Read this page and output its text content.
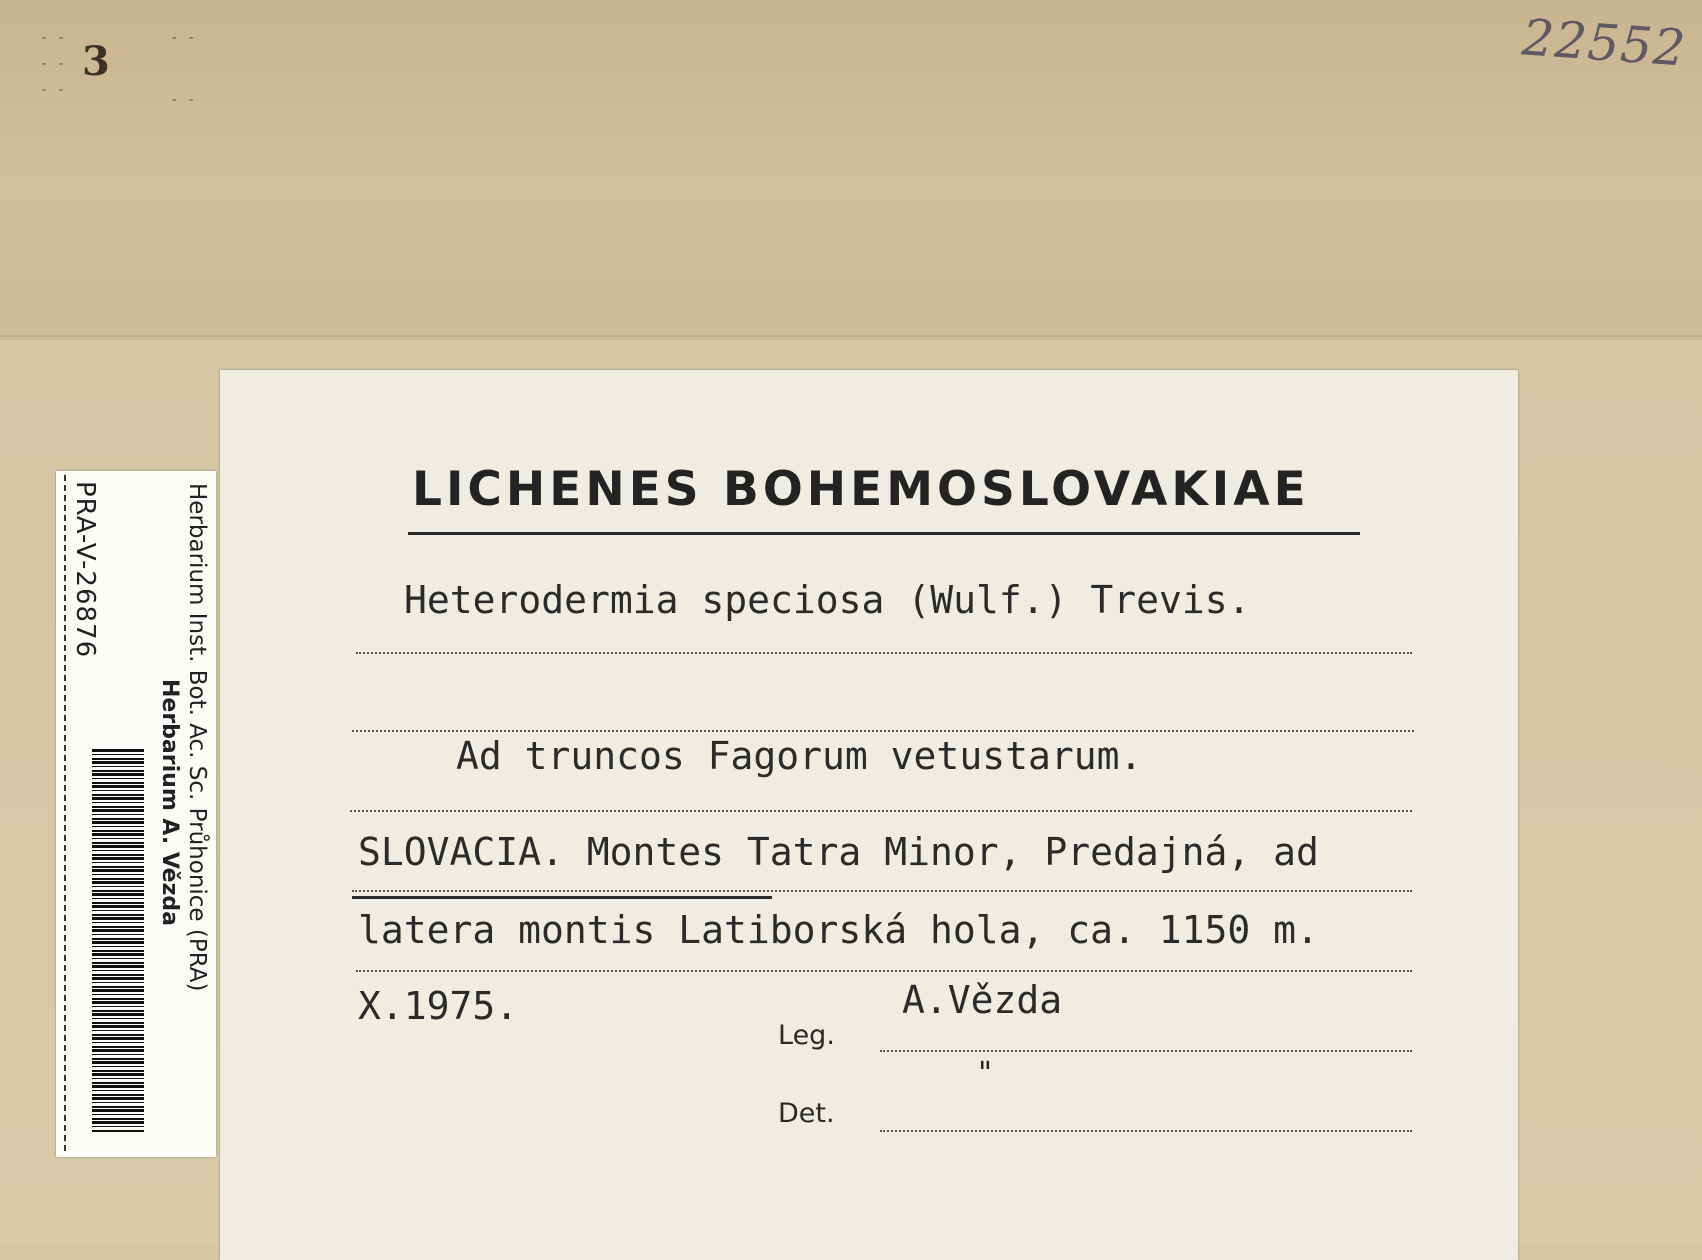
- -
- -
- -
- -
- -
3	22552
LICHENES BOHEMOSLOVAKIAE
Heterodermia speciosa (Wulf.) Trevis.
Ad truncos Fagorum vetustarum.
SLOVACIA. Montes Tatra Minor, Predajná, ad
latera montis Latiborská hola, ca. 1150 m.
X.1975.
Leg.
A.Vězda
"
Det.
Herbarium Inst. Bot. Ac. Sc. Průhonice (PRA)
Herbarium A. Vězda
PRA-V-26876
